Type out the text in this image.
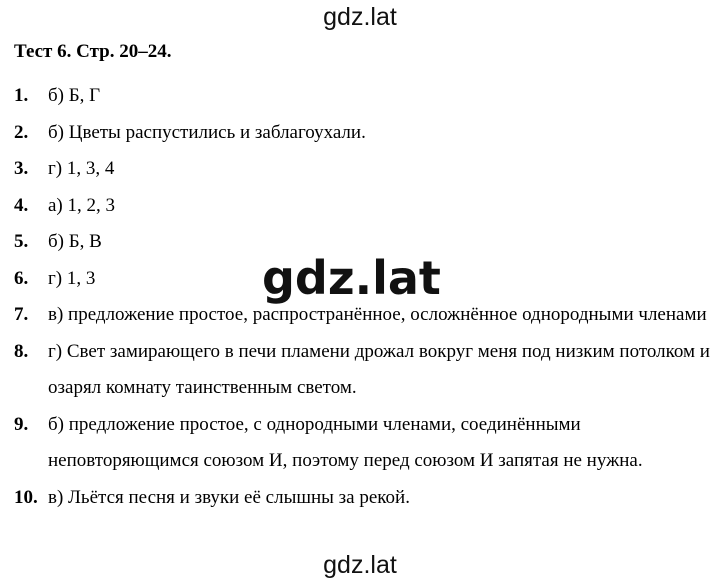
gdz.lat
Тест 6. Стр. 20–24.
1.	б) Б, Г
2.	б) Цветы распустились и заблагоухали.
3.	г) 1, 3, 4
4.	а) 1, 2, 3
5.	б) Б, В
6.	г) 1, 3
7.	в) предложение простое, распространённое, осложнённое однородными членами
8.	г) Свет замирающего в печи пламени дрожал вокруг меня под низким потолком и озарял комнату таинственным светом.
9.	б) предложение простое, с однородными членами, соединёнными неповторяющимся союзом И, поэтому перед союзом И запятая не нужна.
10. в) Льётся песня и звуки её слышны за рекой.
gdz.lat
gdz.lat
